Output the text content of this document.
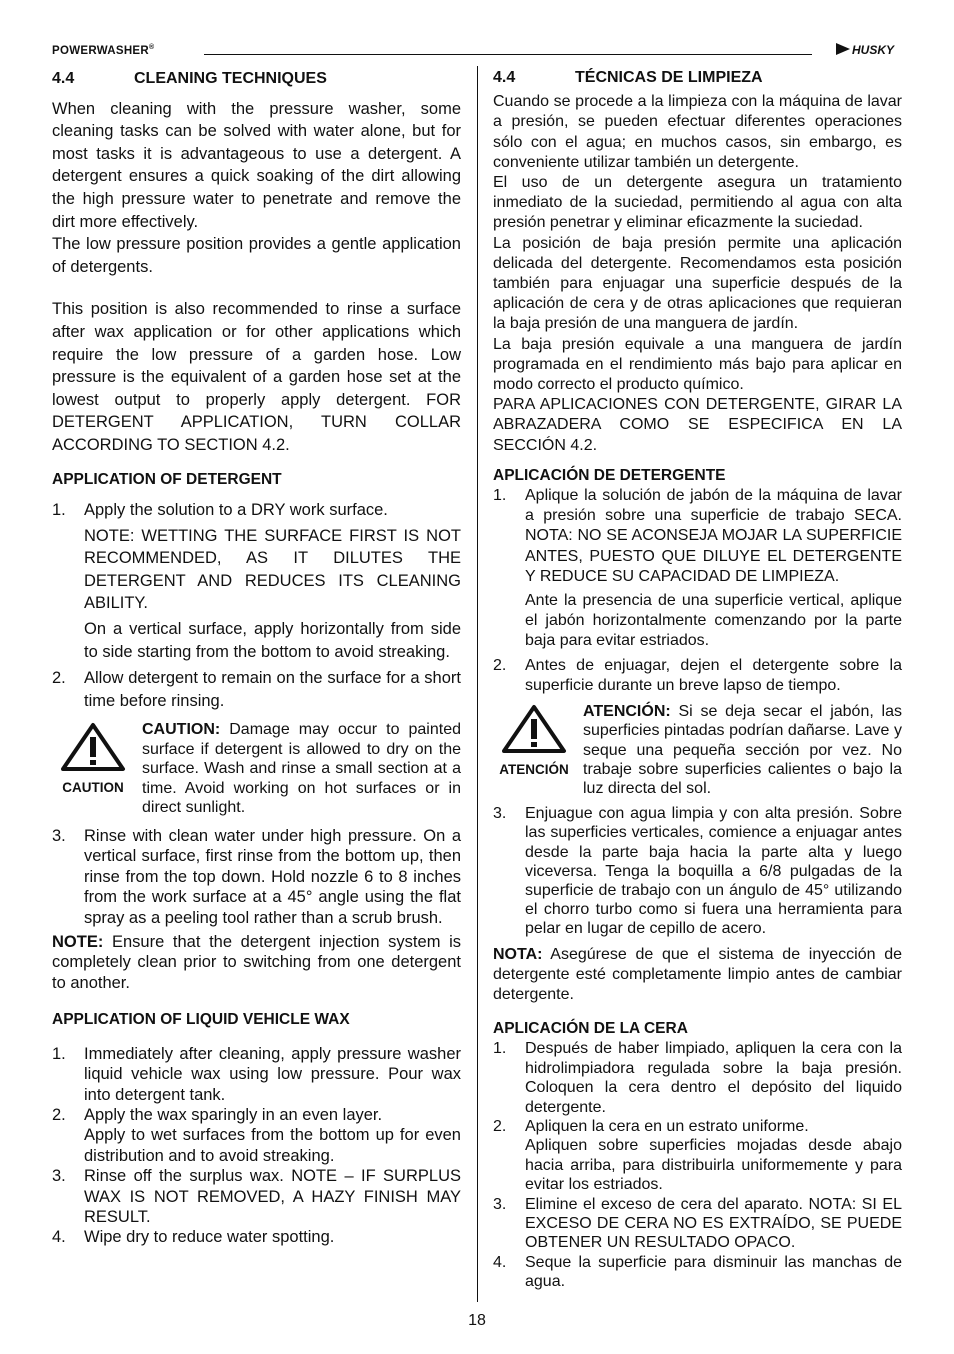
POWERWASHER®	HUSKY
4.4	CLEANING TECHNIQUES

When cleaning with the pressure washer, some cleaning tasks can be solved with water alone, but for most tasks it is advantageous to use a detergent. A detergent ensures a quick soaking of the dirt allowing the high pressure water to penetrate and remove the dirt more effectively.

The low pressure position provides a gentle application of detergents.

This position is also recommended to rinse a surface after wax application or for other applications which require the low pressure of a garden hose. Low pressure is the equivalent of a garden hose set at the lowest output to properly apply detergent. FOR DETERGENT APPLICATION, TURN COLLAR ACCORDING TO SECTION 4.2.

APPLICATION OF DETERGENT
1. Apply the solution to a DRY work surface.

NOTE: WETTING THE SURFACE FIRST IS NOT RECOMMENDED, AS IT DILUTES THE DETERGENT AND REDUCES ITS CLEANING ABILITY.

On a vertical surface, apply horizontally from side to side starting from the bottom to avoid streaking.

2. Allow detergent to remain on the surface for a short time before rinsing.
CAUTION

CAUTION: Damage may occur to painted surface if detergent is allowed to dry on the surface. Wash and rinse a small section at a time. Avoid working on hot surfaces or in direct sunlight.

3. Rinse with clean water under high pressure. On a vertical surface, first rinse from the bottom up, then rinse from the top down. Hold nozzle 6 to 8 inches from the work surface at a 45° angle using the flat spray as a peeling tool rather than a scrub brush.

NOTE: Ensure that the detergent injection system is completely clean prior to switching from one detergent to another.

APPLICATION OF LIQUID VEHICLE WAX
1. Immediately after cleaning, apply pressure washer liquid vehicle wax using low pressure. Pour wax into detergent tank.
2. Apply the wax sparingly in an even layer.
Apply to wet surfaces from the bottom up for even distribution and to avoid streaking.
3. Rinse off the surplus wax. NOTE – IF SURPLUS WAX IS NOT REMOVED, A HAZY FINISH MAY RESULT.
4. Wipe dry to reduce water spotting.
4.4	TÉCNICAS DE LIMPIEZA

Cuando se procede a la limpieza con la máquina de lavar a presión, se pueden efectuar diferentes operaciones sólo con el agua; en muchos casos, sin embargo, es conveniente utilizar también un detergente.

El uso de un detergente asegura un tratamiento inmediato de la suciedad, permitiendo al agua con alta presión penetrar y eliminar eficazmente la suciedad.

La posición de baja presión permite una aplicación delicada del detergente. Recomendamos esta posición también para enjuagar una superficie después de la aplicación de cera y de otras aplicaciones que requieran la baja presión de una manguera de jardín.

La baja presión equivale a una manguera de jardín programada en el rendimiento más bajo para aplicar en modo correcto el producto químico.

PARA APLICACIONES CON DETERGENTE, GIRAR LA ABRAZADERA COMO SE ESPECIFICA EN LA SECCIÓN 4.2.

APLICACIÓN DE DETERGENTE
1. Aplique la solución de jabón de la máquina de lavar a presión sobre una superficie de trabajo SECA. NOTA: NO SE ACONSEJA MOJAR LA SUPERFICIE ANTES, PUESTO QUE DILUYE EL DETERGENTE Y REDUCE SU CAPACIDAD DE LIMPIEZA.

Ante la presencia de una superficie vertical, aplique el jabón horizontalmente comenzando por la parte baja para evitar estriados.

2. Antes de enjuagar, dejen el detergente sobre la superficie durante un breve lapso de tiempo.
ATENCIÓN

ATENCIÓN: Si se deja secar el jabón, las superficies pintadas podrían dañarse. Lave y seque una pequeña sección por vez. No trabaje sobre superficies calientes o bajo la luz directa del sol.

3. Enjuague con agua limpia y con alta presión. Sobre las superficies verticales, comience a enjuagar antes desde la parte baja hacia la parte alta y luego viceversa. Tenga la boquilla a 6/8 pulgadas de la superficie de trabajo con un ángulo de 45° utilizando el chorro turbo como si fuera una herramienta para pelar en lugar de cepillo de acero.

NOTA: Asegúrese de que el sistema de inyección de detergente esté completamente limpio antes de cambiar detergente.

APLICACIÓN DE LA CERA
1. Después de haber limpiado, apliquen la cera con la hidrolimpiadora regulada sobre la baja presión. Coloquen la cera dentro el depósito del liquido detergente.
2. Apliquen la cera en un estrato uniforme.
Apliquen sobre superficies mojadas desde abajo hacia arriba, para distribuirla uniformemente y para evitar los estriados.
3. Elimine el exceso de cera del aparato. NOTA: SI EL EXCESO DE CERA NO ES EXTRAÍDO, SE PUEDE OBTENER UN RESULTADO OPACO.
4. Seque la superficie para disminuir las manchas de agua.
18
